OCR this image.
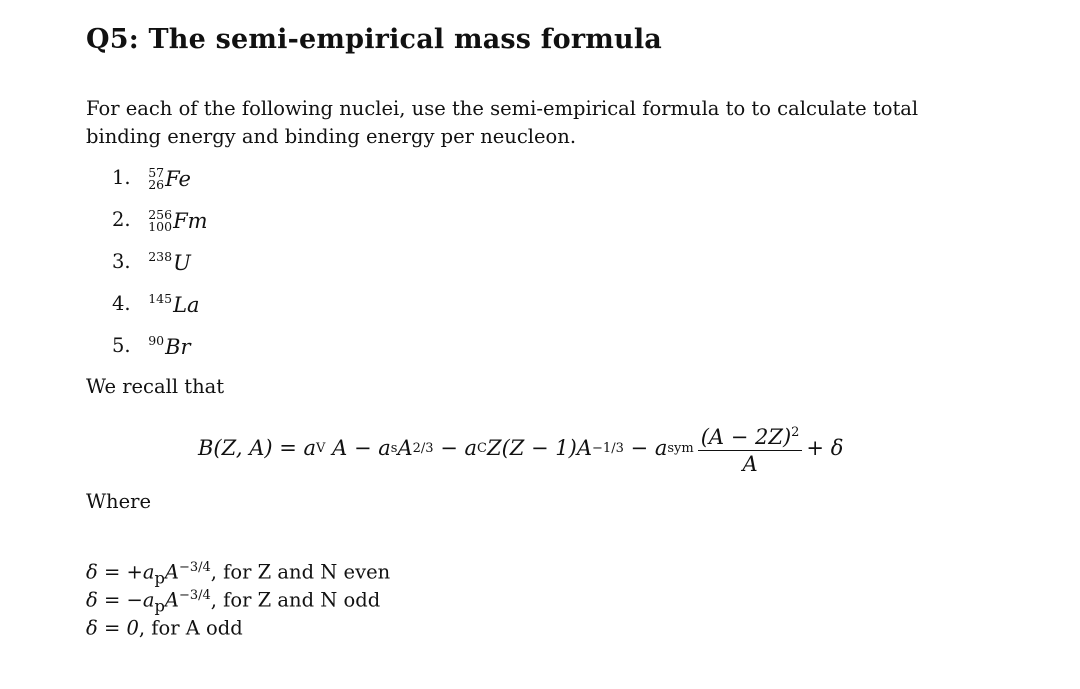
Q5: The semi-empirical mass formula
For each of the following nuclei, use the semi-empirical formula to to calculate total binding energy and binding energy per neucleon.
1. 57
26 Fe
2. 256
100 Fm
3. 238 U
4. 145 La
5. 90 Br
We recall that
B(Z, A) =
a V
A −
a s A 2/3
− a C Z(Z − 1)A −1/3
− a sym $\frac{(A - 2Z)^2}{A} + \delta$
Where
$\delta = +a_pA^{-3/4}$, for Z and N even
$\delta = -a_pA^{-3/4}$, for Z and N odd
δ = 0, for A odd
